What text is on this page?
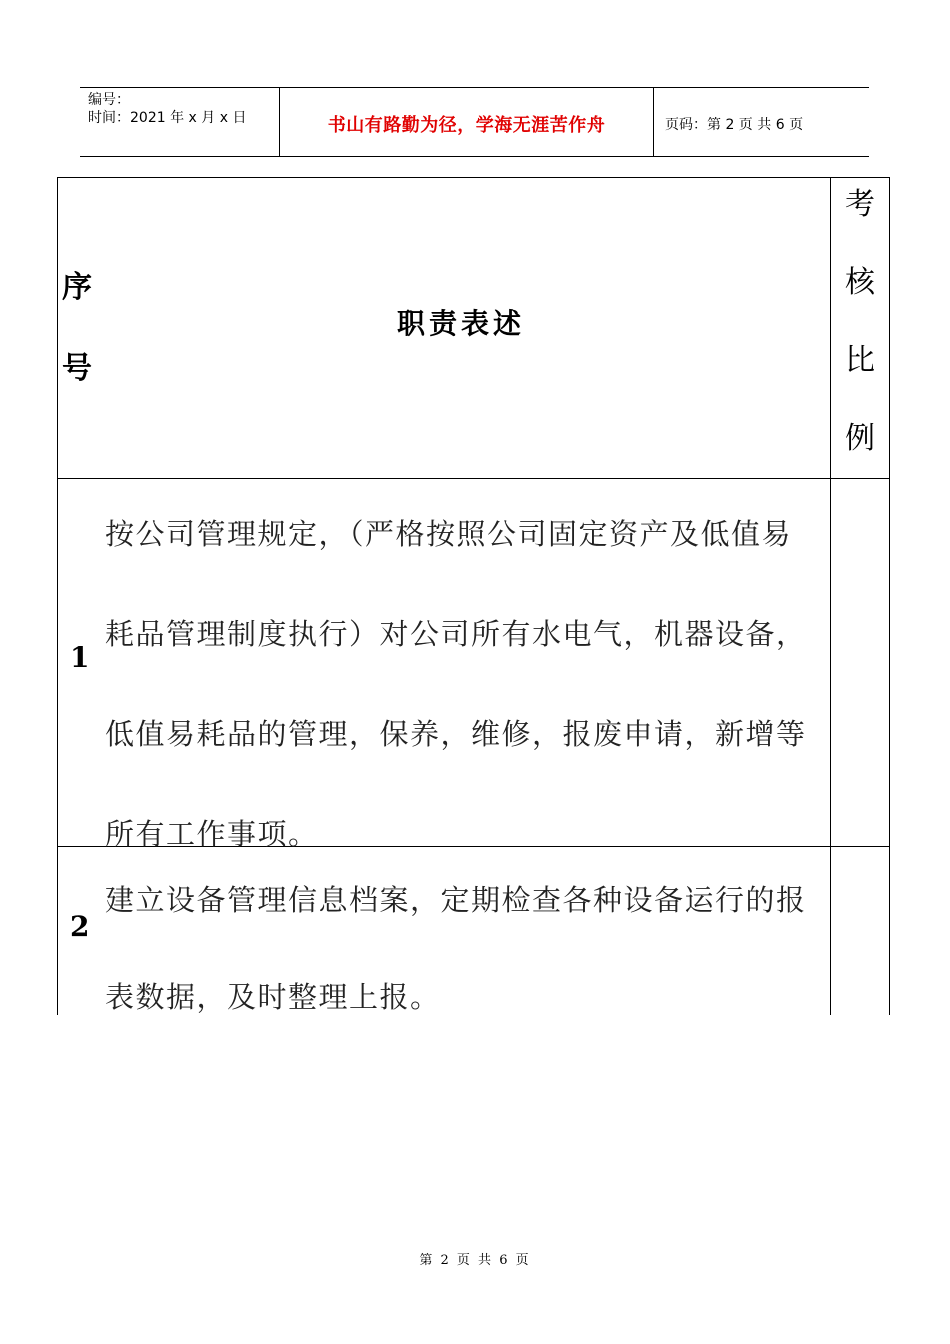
编号：
时间：2021 年 x 月 x 日	书山有路勤为径，学海无涯苦作舟	页码：第 2 页 共 6 页
序
号
职责表述
考
核
比
例
1
按公司管理规定，（严格按照公司固定资产及低值易耗品管理制度执行）对公司所有水电气，机器设备，低值易耗品的管理，保养，维修，报废申请，新增等所有工作事项。
2
建立设备管理信息档案，定期检查各种设备运行的报表数据，及时整理上报。
第 2 页 共 6 页
